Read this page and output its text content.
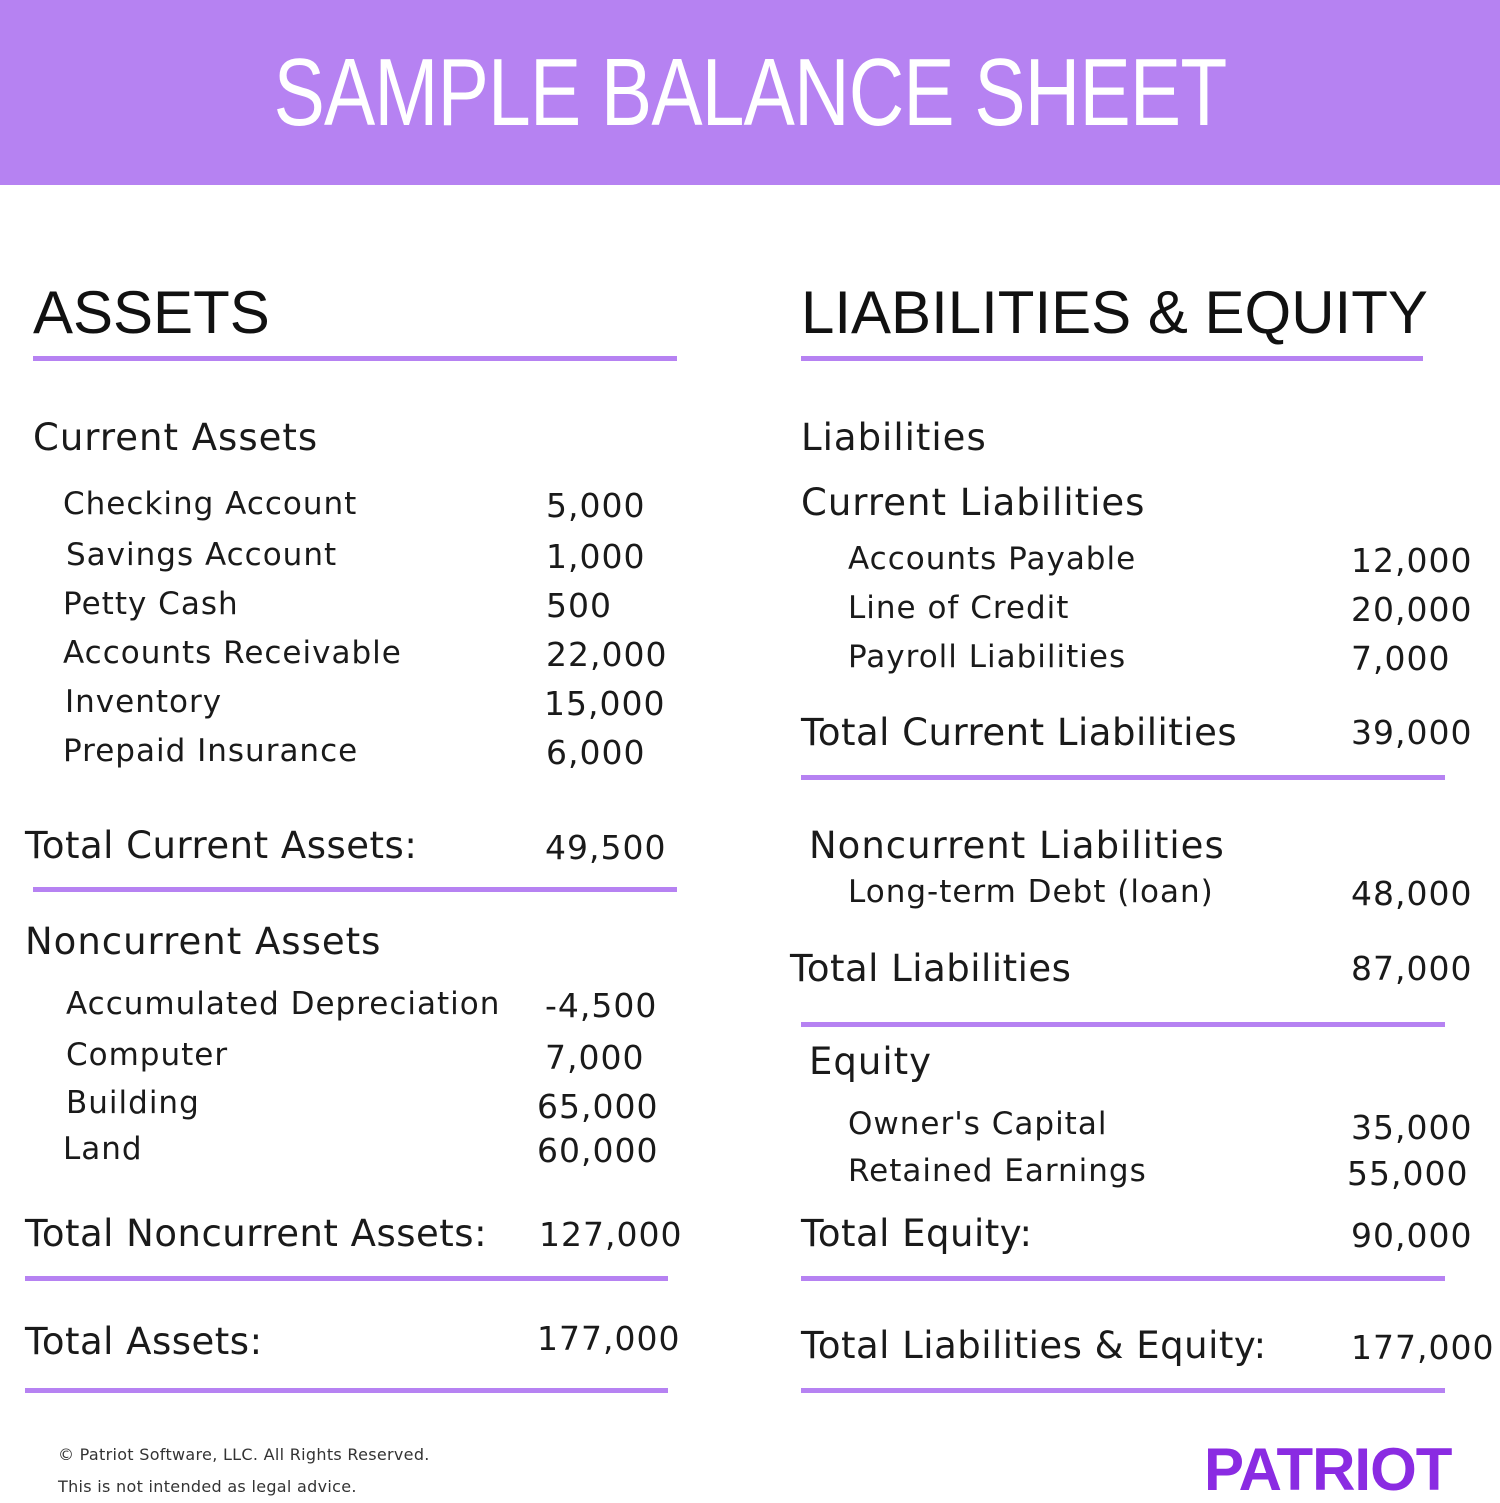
SAMPLE BALANCE SHEET
ASSETS
Current Assets
Checking Account	5,000
Savings Account	1,000
Petty Cash	500
Accounts Receivable	22,000
Inventory	15,000
Prepaid Insurance	6,000
Total Current Assets:	49,500
Noncurrent Assets
Accumulated Depreciation -4,500
Computer	7,000
Building	65,000
Land	60,000
Total Noncurrent Assets: 127,000
Total Assets:	177,000
LIABILITIES & EQUITY
Liabilities
Current Liabilities
Accounts Payable	12,000
Line of Credit	20,000
Payroll Liabilities	7,000
Total Current Liabilities	39,000
Noncurrent Liabilities
Long-term Debt (loan)	48,000
Total Liabilities	87,000
Equity
Owner's Capital	35,000
Retained Earnings	55,000
Total Equity:	90,000
Total Liabilities & Equity:	177,000
© Patriot Software, LLC. All Rights Reserved.
This is not intended as legal advice.	PATRIOT
